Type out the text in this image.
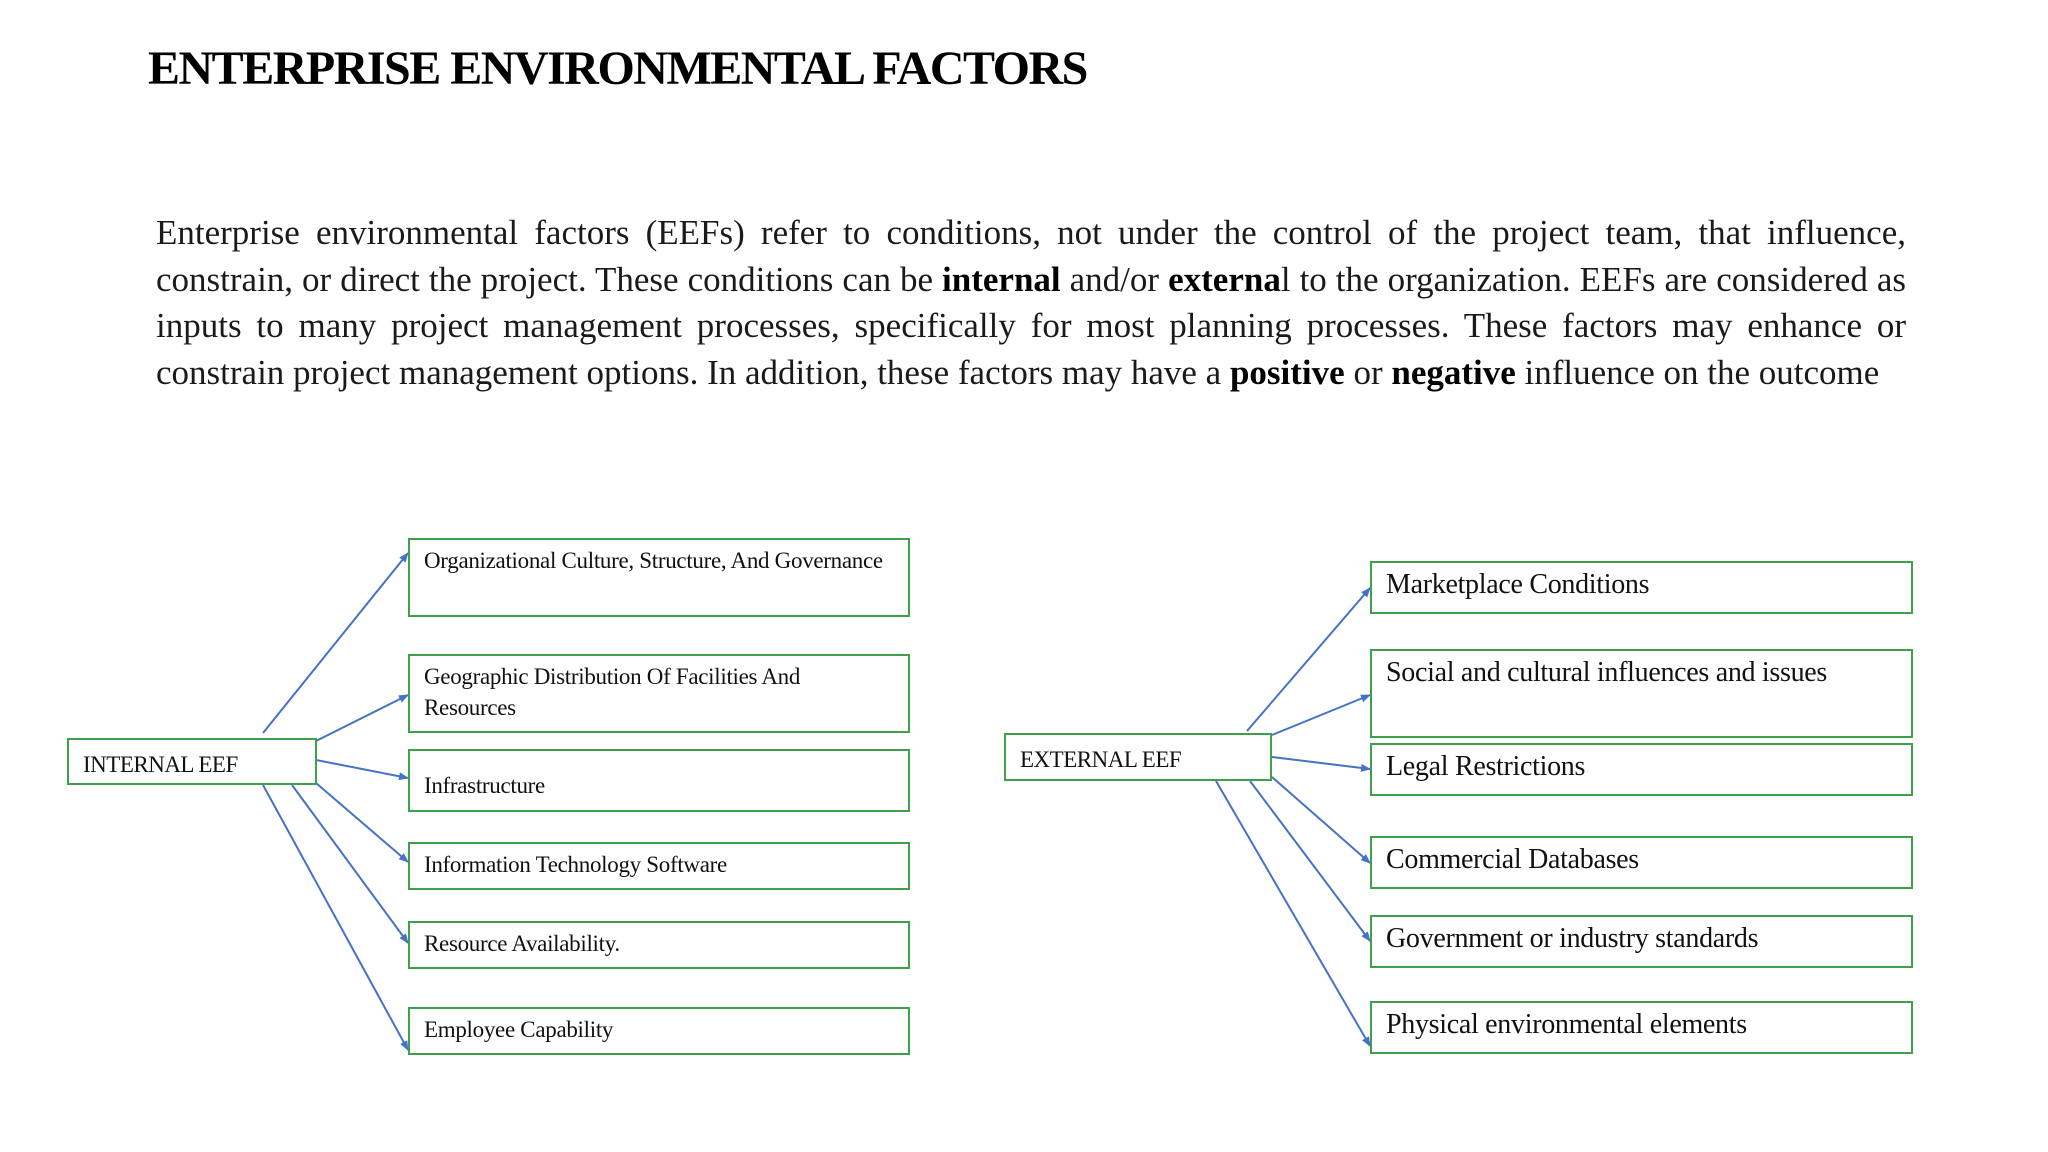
ENTERPRISE ENVIRONMENTAL FACTORS

Enterprise environmental factors (EEFs) refer to conditions, not under the control of the project team, that influence, constrain, or direct the project. These conditions can be internal and/or external to the organization. EEFs are considered as inputs to many project management processes, specifically for most planning processes. These factors may enhance or constrain project management options. In addition, these factors may have a positive or negative influence on the outcome

INTERNAL EEF
Organizational Culture, Structure, And Governance
Geographic Distribution Of Facilities And Resources
Infrastructure
Information Technology Software
Resource Availability.
Employee Capability
EXTERNAL EEF
Marketplace Conditions
Social and cultural influences and issues
Legal Restrictions
Commercial Databases
Government or industry standards
Physical environmental elements
